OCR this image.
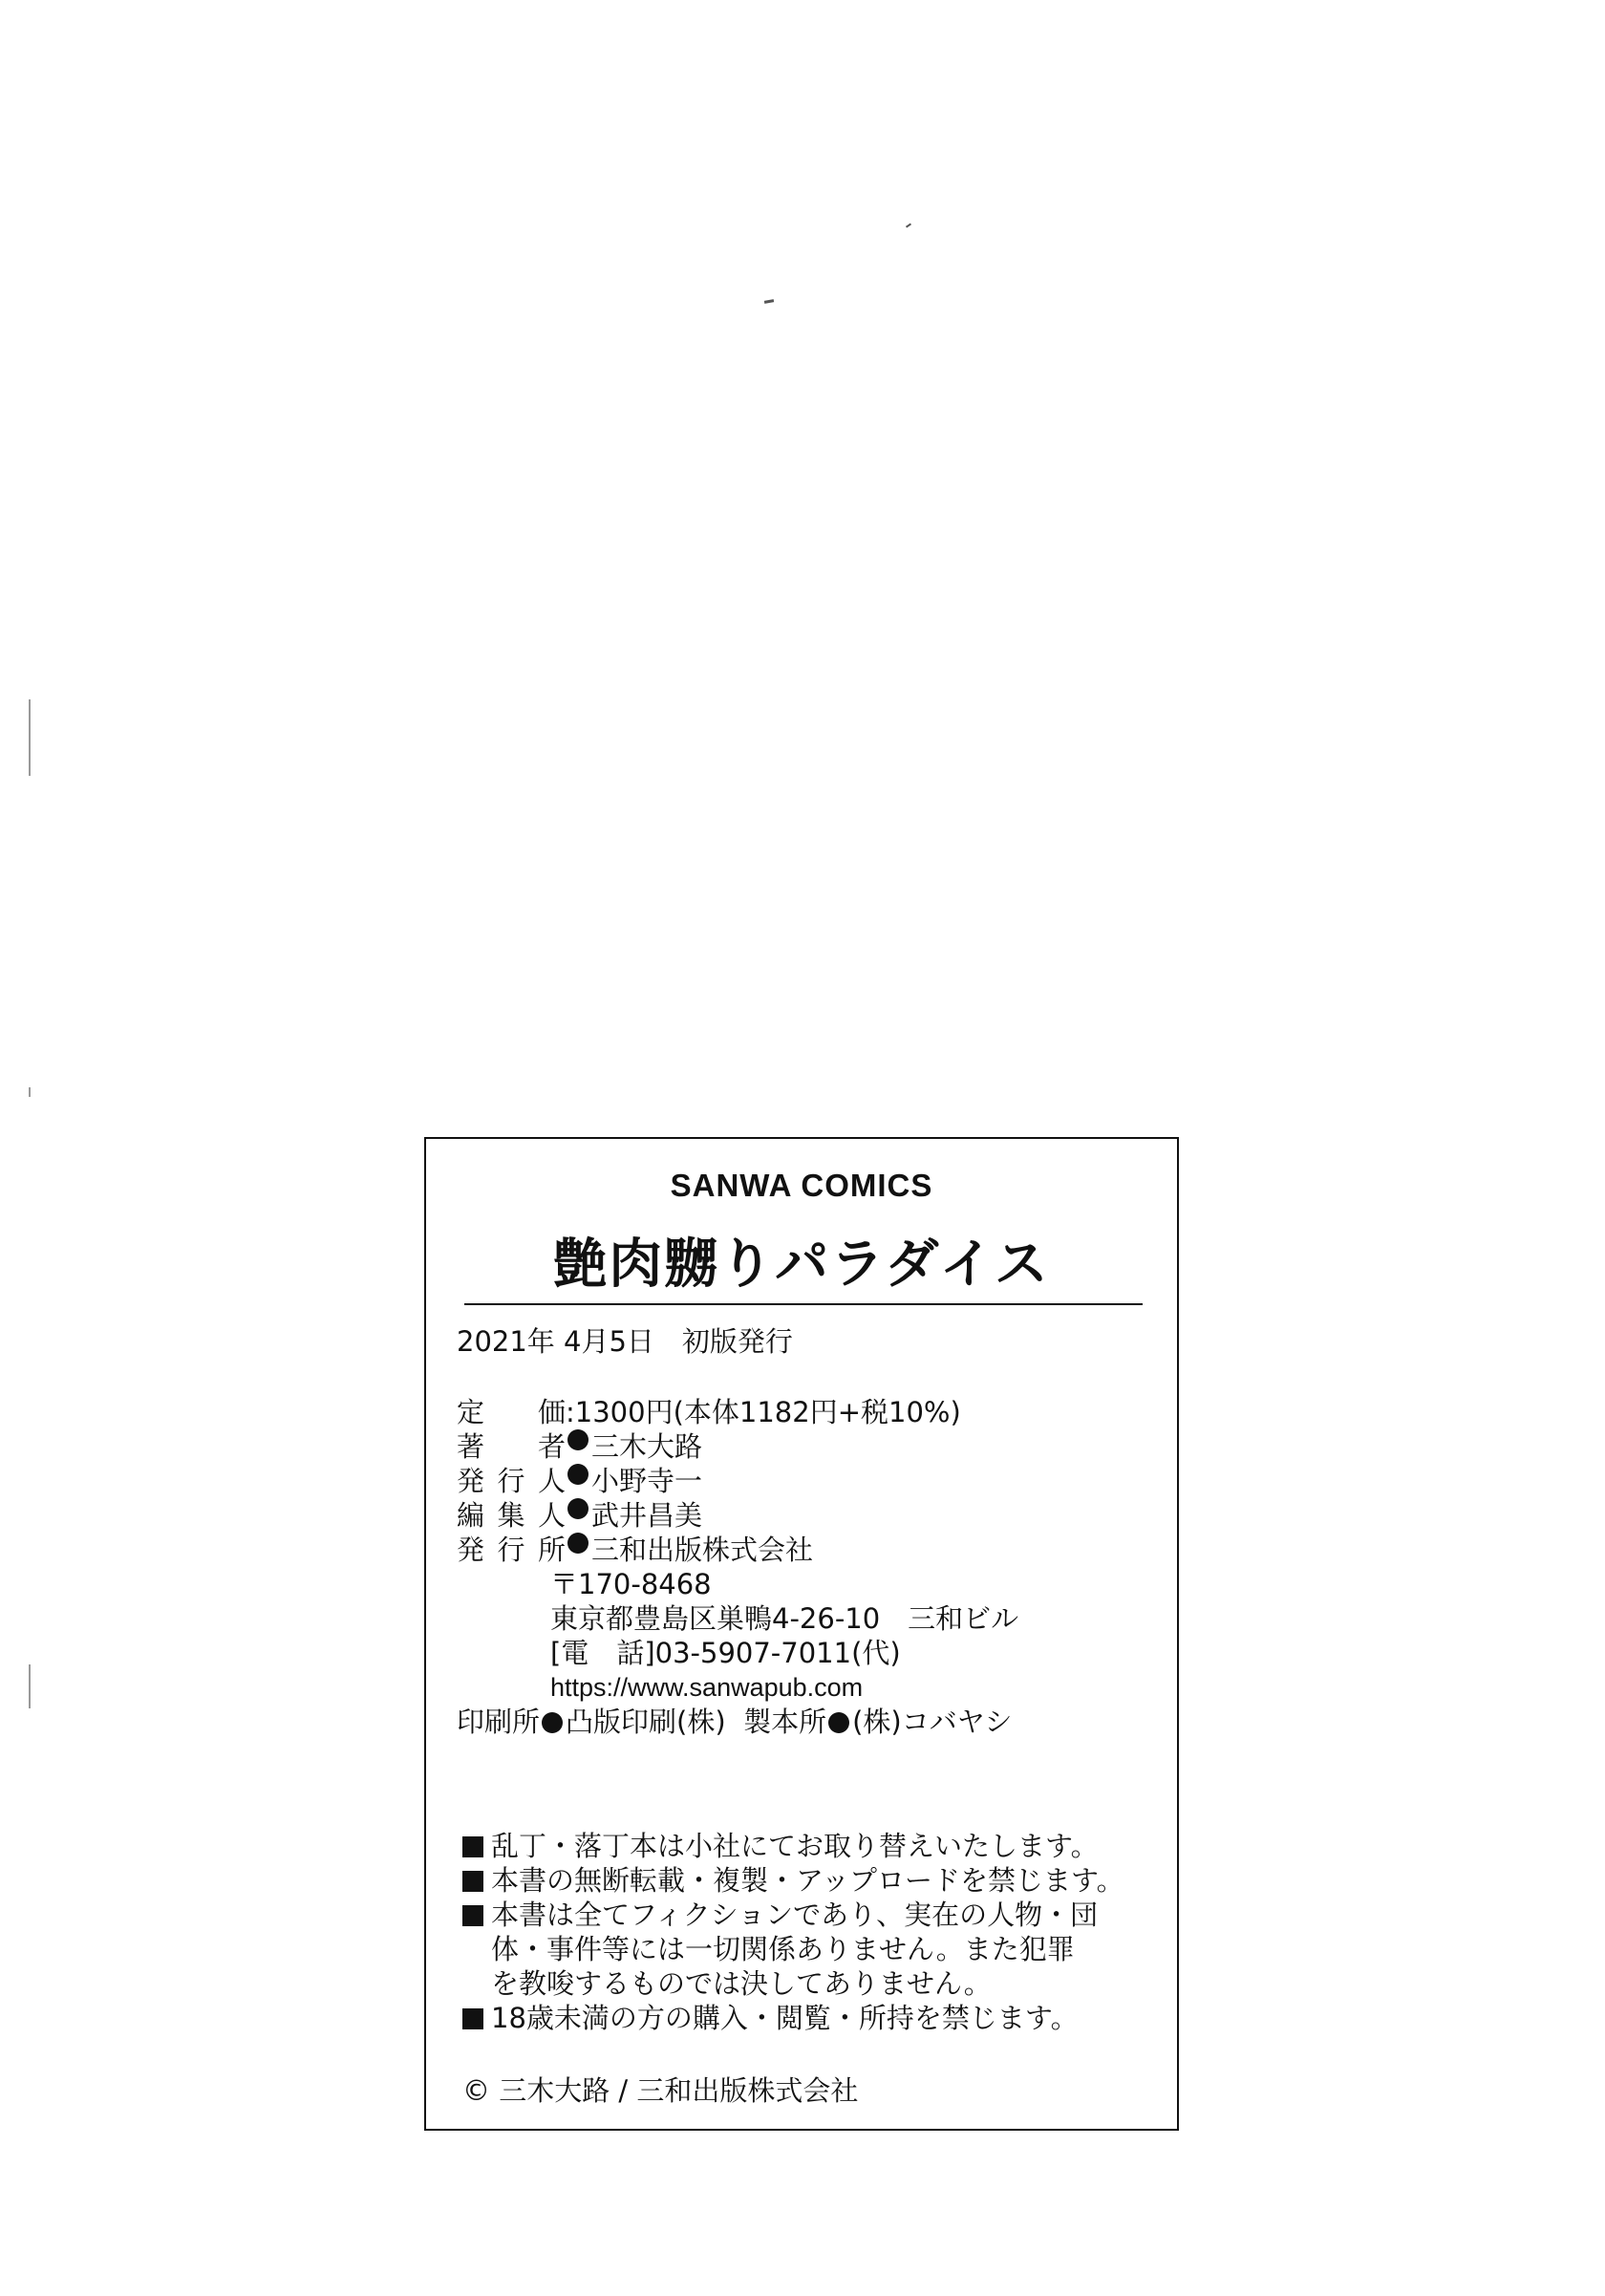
SANWA COMICS
艶肉嬲りパラダイス
2021年 4月5日　初版発行
定価 : 1300円(本体1182円+税10%)
著者 三木大路
発行人 小野寺一
編集人 武井昌美
発行所 三和出版株式会社
〒170-8468
東京都豊島区巣鴨4-26-10　三和ビル
[電　話]03-5907-7011(代)
https://www.sanwapub.com
印刷所 凸版印刷(株) 製本所 (株)コバヤシ
乱丁・落丁本は小社にてお取り替えいたします。
本書の無断転載・複製・アップロードを禁じます。
本書は全てフィクションであり、実在の人物・団
体・事件等には一切関係ありません。また犯罪
を教唆するものでは決してありません。
18歳未満の方の購入・閲覧・所持を禁じます。
© 三木大路 / 三和出版株式会社
